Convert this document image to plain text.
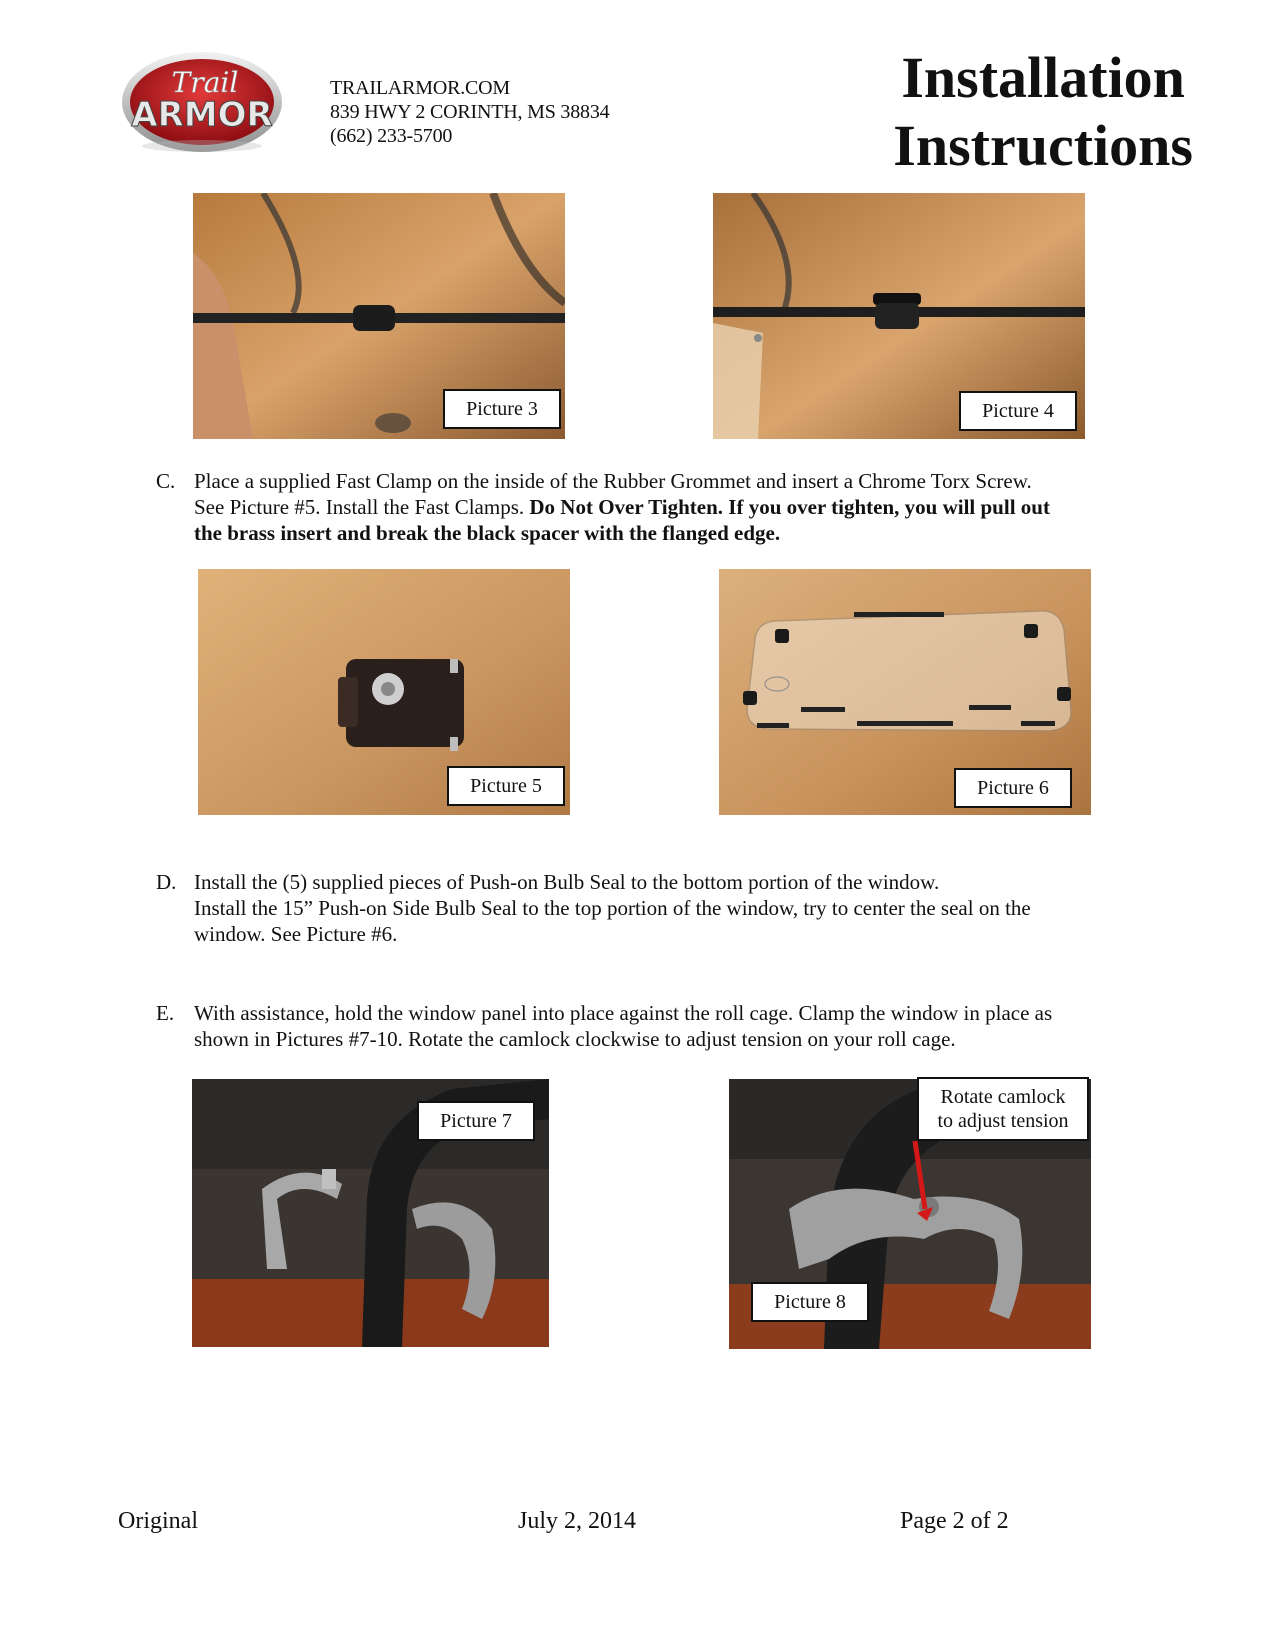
Trail
ARMOR
TRAILARMOR.COM
839 HWY 2 CORINTH, MS 38834
(662) 233-5700
Installation
Instructions
Picture 3	Picture 4
C. Place a supplied Fast Clamp on the inside of the Rubber Grommet and insert a Chrome Torx Screw.
See Picture #5. Install the Fast Clamps. Do Not Over Tighten. If you over tighten, you will pull out
the brass insert and break the black spacer with the flanged edge.
Picture 5	Picture 6
D. Install the (5) supplied pieces of Push-on Bulb Seal to the bottom portion of the window.
Install the 15” Push-on Side Bulb Seal to the top portion of the window, try to center the seal on the
window. See Picture #6.
E. With assistance, hold the window panel into place against the roll cage. Clamp the window in place as
shown in Pictures #7-10. Rotate the camlock clockwise to adjust tension on your roll cage.
Picture 7
Picture 8
Rotate camlock
to adjust tension
Original	July 2, 2014	Page 2 of 2
